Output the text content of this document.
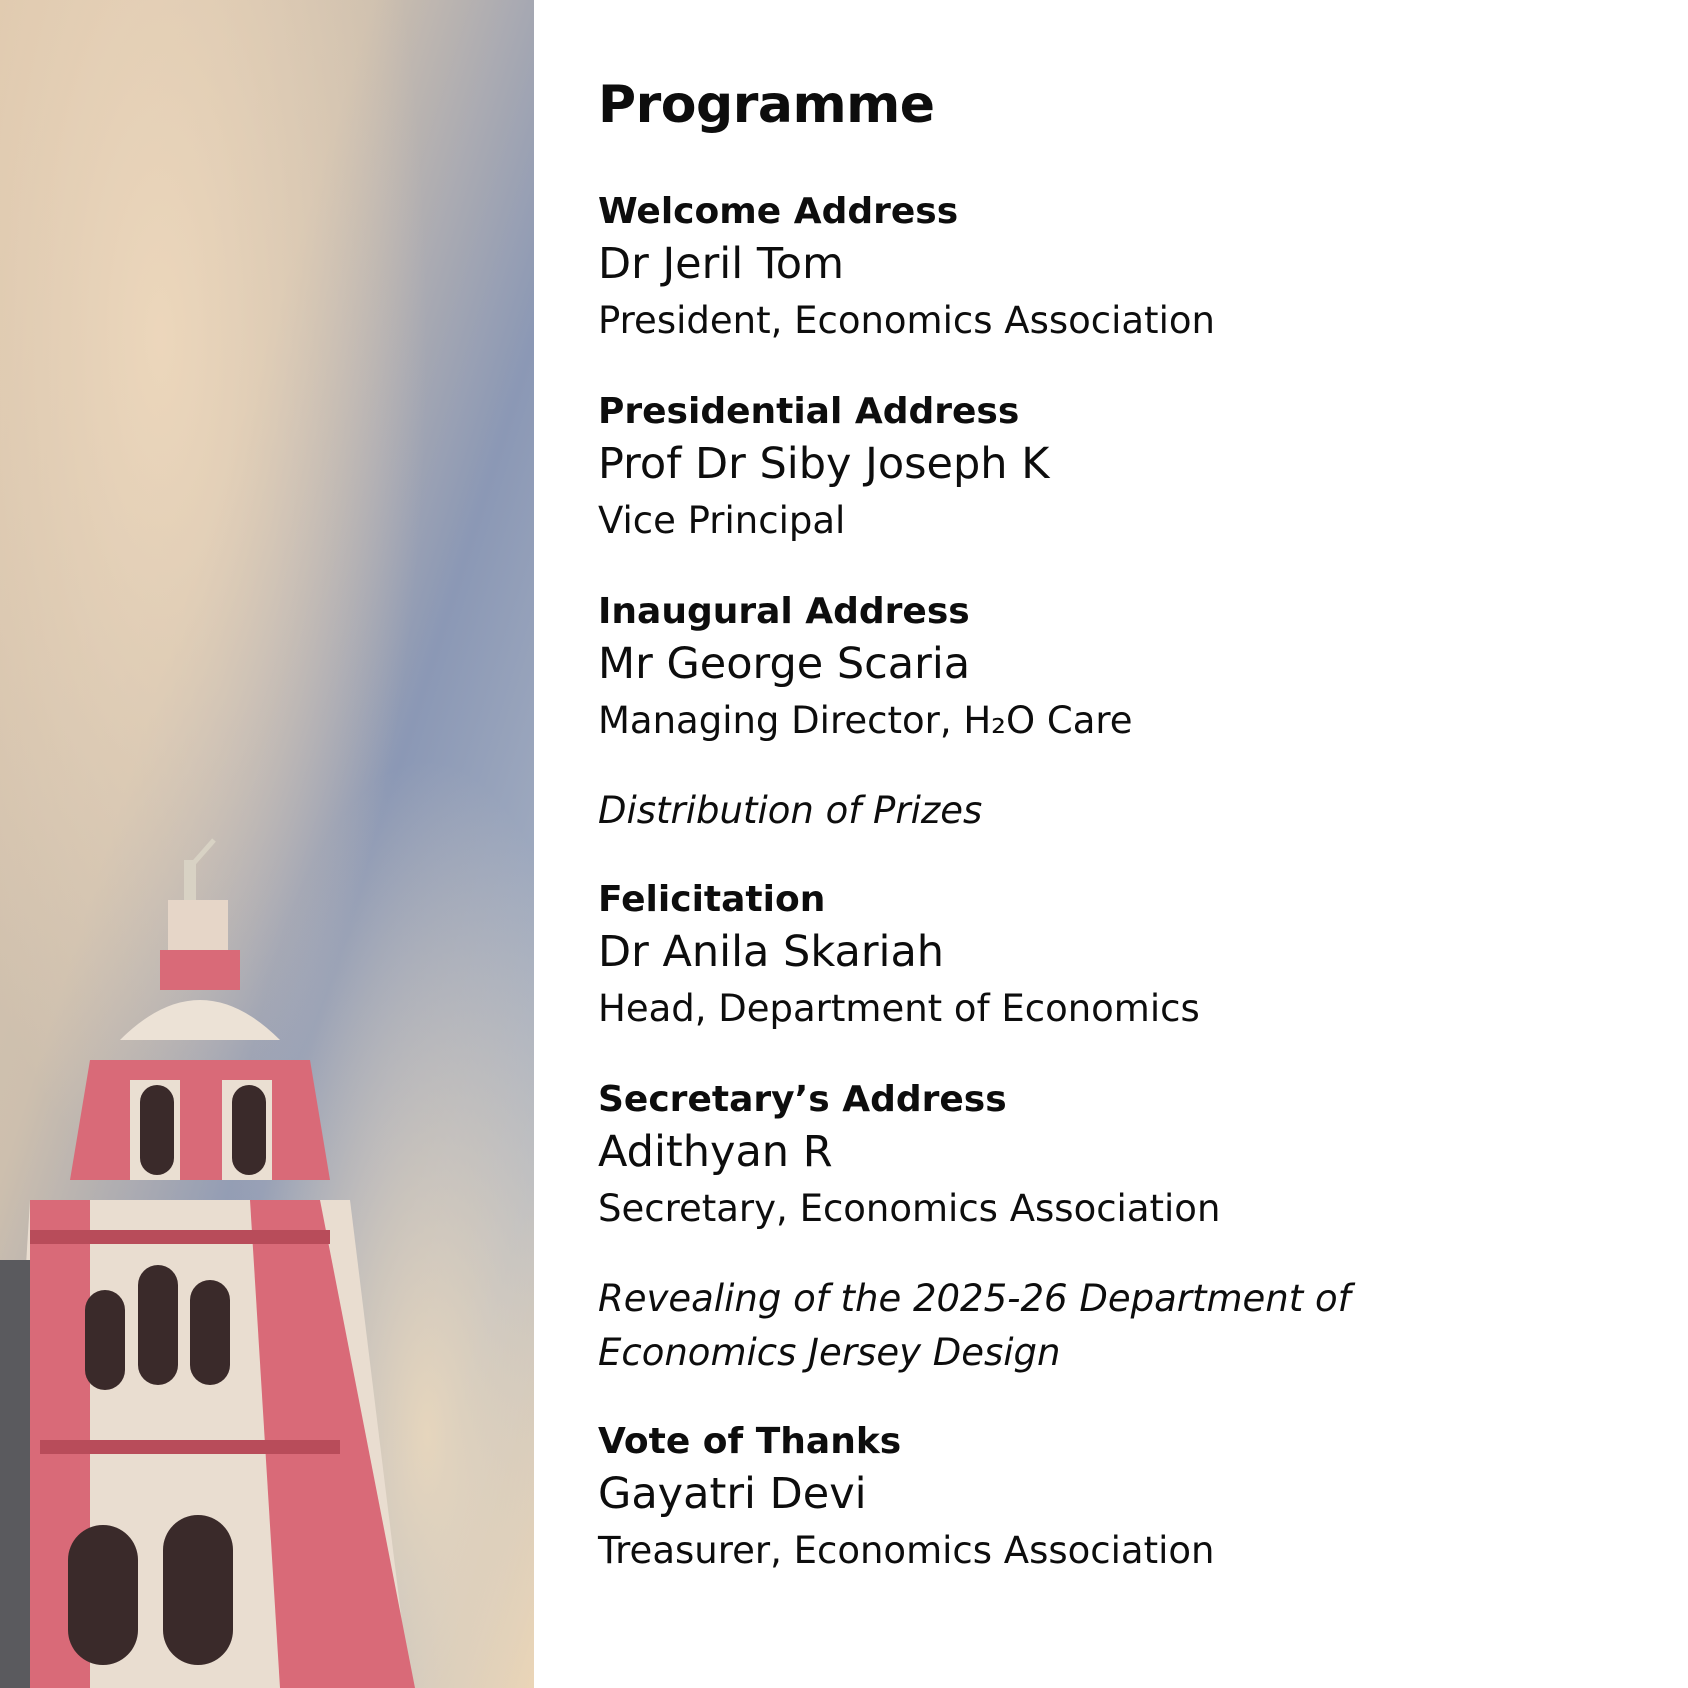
Programme
Welcome Address
Dr Jeril Tom
President, Economics Association
Presidential Address
Prof Dr Siby Joseph K
Vice Principal
Inaugural Address
Mr George Scaria
Managing Director, H₂O Care
Distribution of Prizes
Felicitation
Dr Anila Skariah
Head, Department of Economics
Secretary’s Address
Adithyan R
Secretary, Economics Association
Revealing of the 2025-26 Department of Economics Jersey Design
Vote of Thanks
Gayatri Devi
Treasurer, Economics Association
